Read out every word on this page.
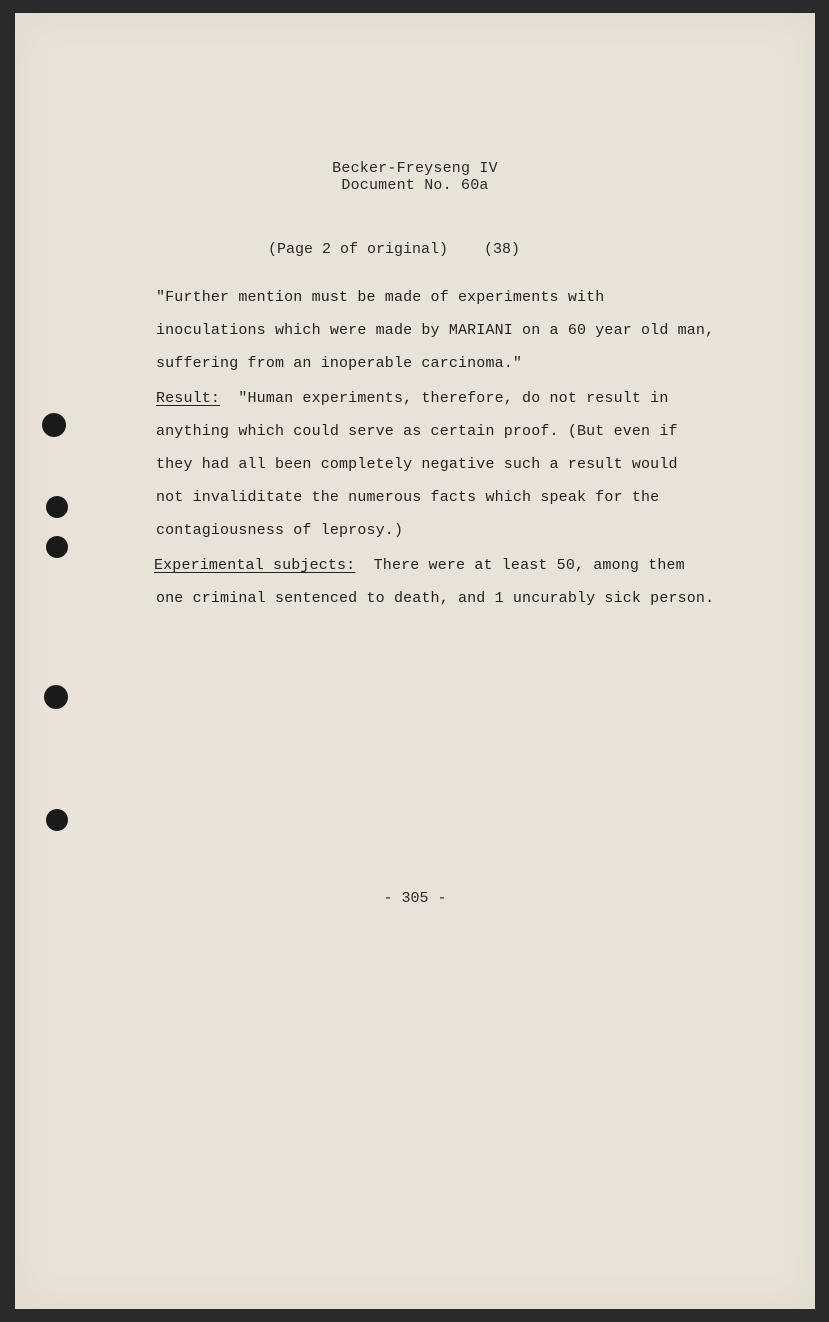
Becker-Freyseng IV
Document No. 60a
(Page 2 of original) (38)
"Further mention must be made of experiments with
inoculations which were made by MARIANI on a 60 year old man,
suffering from an inoperable carcinoma."
Result:  "Human experiments, therefore, do not result in
anything which could serve as certain proof. (But even if
they had all been completely negative such a result would
not invaliditate the numerous facts which speak for the
contagiousness of leprosy.)
Experimental subjects:  There were at least 50, among them
one criminal sentenced to death, and 1 uncurably sick person.
- 305 -
